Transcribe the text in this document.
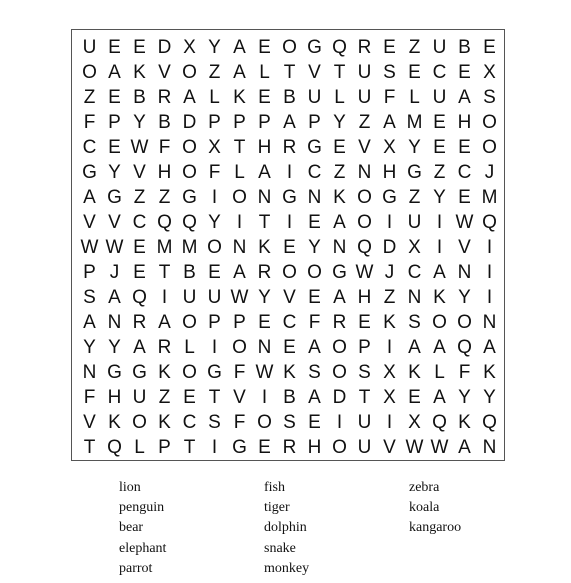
U E E D X Y A E O G Q R E Z U B E
O A K V O Z A L T V T U S E C E X
Z E B R A L K E B U L U F L U A S
F P Y B D P P P A P Y Z A M E H O
C E W F O X T H R G E V X Y E E O
G Y V H O F L A I C Z N H G Z C J
A G Z Z G I O N G N K O G Z Y E M
V V C Q Q Y I T I E A O I U I W Q
W W E M M O N K E Y N Q D X I V I
P J E T B E A R O O G W J C A N I
S A Q I U U W Y V E A H Z N K Y I
A N R A O P P E C F R E K S O O N
Y Y A R L I O N E A O P I A A Q A
N G G K O G F W K S O S X K L F K
F H U Z E T V I B A D T X E A Y Y
V K O K C S F O S E I U I X Q K Q
T Q L P T I G E R H O U V W W A N
lion
penguin
bear
elephant
parrot
fish
tiger
dolphin
snake
monkey
zebra
koala
kangaroo
